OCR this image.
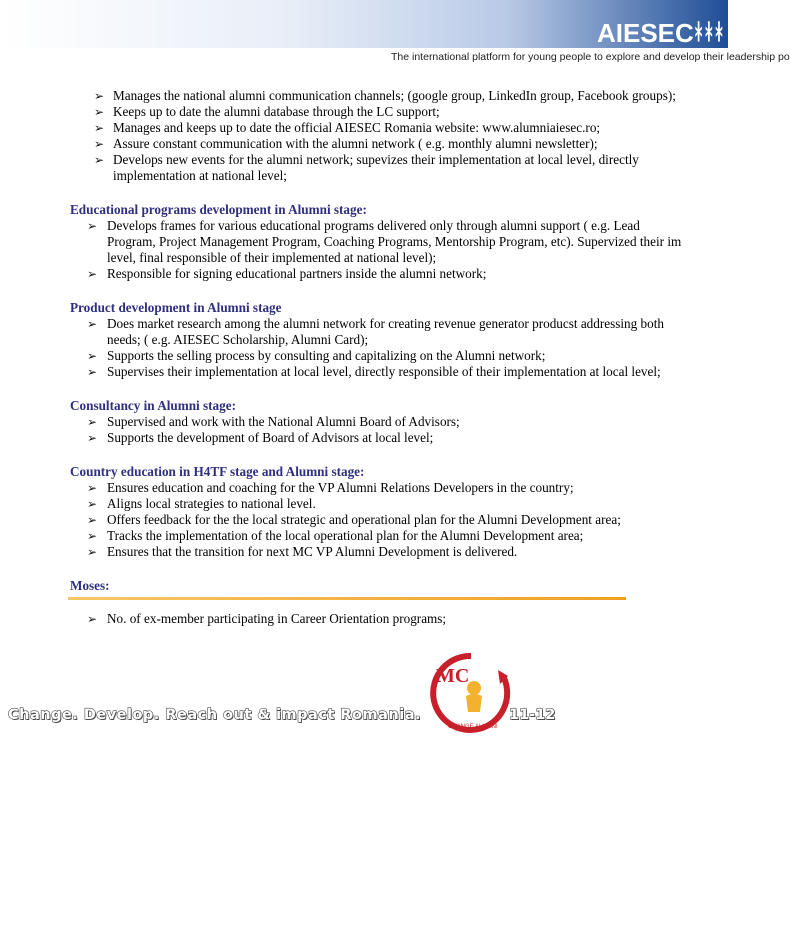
AIESEC
ᚼᚼᚼ
The international platform for young people to explore and develop their leadership po
➢ Manages the national alumni communication channels; (google group, LinkedIn group, Facebook groups);
➢ Keeps up to date the alumni database through the LC support;
➢ Manages and keeps up to date the official AIESEC Romania website: www.alumniaiesec.ro;
➢ Assure constant communication with the alumni network ( e.g. monthly alumni newsletter);
➢ Develops new events for the alumni network; supevizes their implementation at local level, directly
implementation at national level;
Educational programs development in Alumni stage:
➢ Develops frames for various educational programs delivered only through alumni support ( e.g. Lead
Program, Project Management Program, Coaching Programs, Mentorship Program, etc). Supervized their im
level, final responsible of their implemented at national level);
➢ Responsible for signing educational partners inside the alumni network;
Product development in Alumni stage
➢ Does market research among the alumni network for creating revenue generator producst addressing both
needs; ( e.g. AIESEC Scholarship, Alumni Card);
➢ Supports the selling process by consulting and capitalizing on the Alumni network;
➢ Supervises their implementation at local level, directly responsible of their implementation at local level;
Consultancy in Alumni stage:
➢ Supervised and work with the National Alumni Board of Advisors;
➢ Supports the development of Board of Advisors at local level;
Country education in H4TF stage and Alumni stage:
➢ Ensures education and coaching for the VP Alumni Relations Developers in the country;
➢ Aligns local strategies to national level.
➢ Offers feedback for the the local strategic and operational plan for the Alumni Development area;
➢ Tracks the implementation of the local operational plan for the Alumni Development area;
➢ Ensures that the transition for next MC VP Alumni Development is delivered.
Moses:
➢ No. of ex-member participating in Career Orientation programs;
Change. Develop. Reach out & impact Romania.
MC
CHANGE ALUMNI
11-12
